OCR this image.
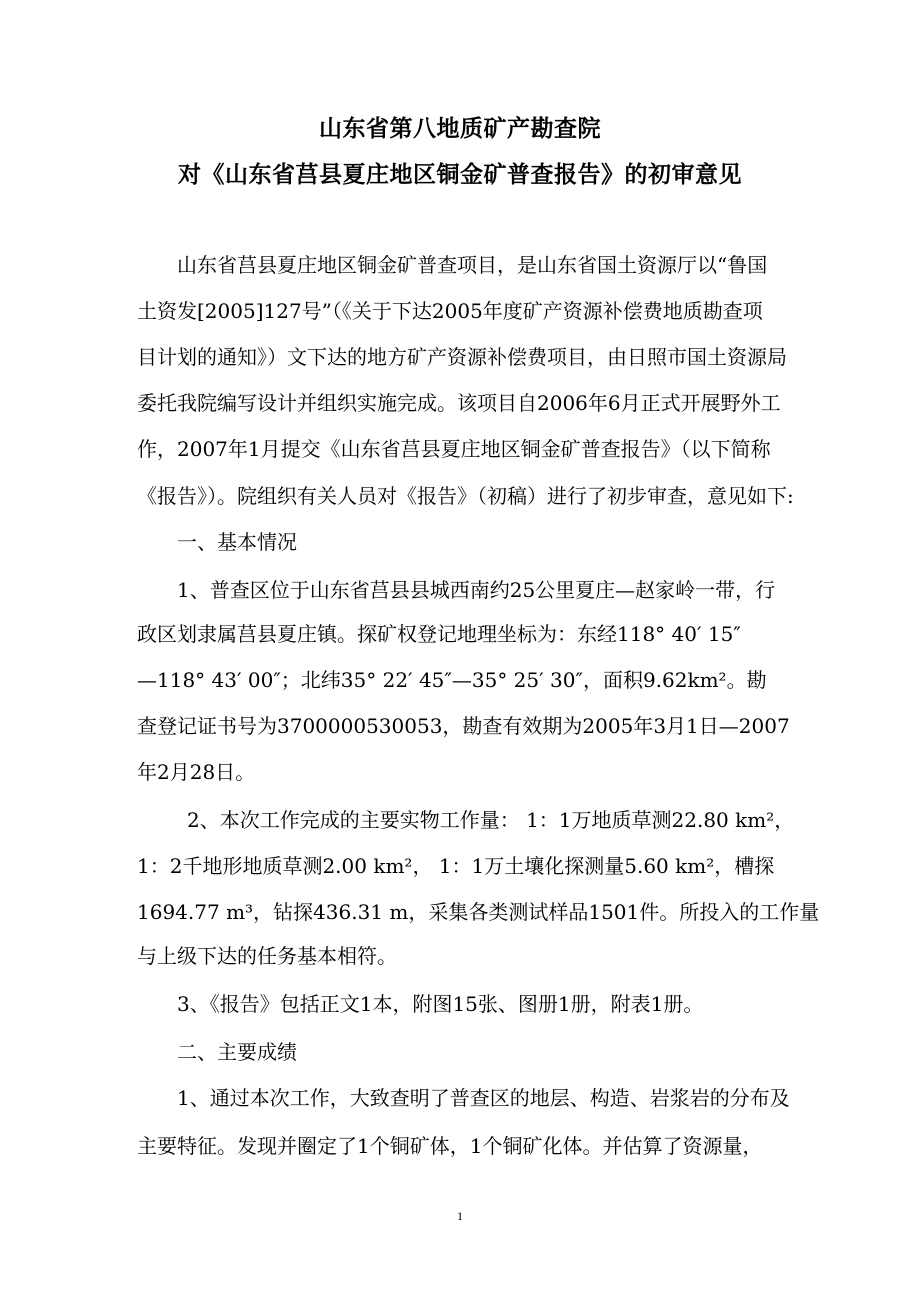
山东省第八地质矿产勘查院
对《山东省莒县夏庄地区铜金矿普查报告》的初审意见
山东省莒县夏庄地区铜金矿普查项目，是山东省国土资源厅以“鲁国
土资发[2005]127号”（《关于下达2005年度矿产资源补偿费地质勘查项
目计划的通知》）文下达的地方矿产资源补偿费项目，由日照市国土资源局
委托我院编写设计并组织实施完成。该项目自2006年6月正式开展野外工
作，2007年1月提交《山东省莒县夏庄地区铜金矿普查报告》（以下简称
《报告》）。院组织有关人员对《报告》（初稿）进行了初步审查，意见如下:
一、基本情况
1、普查区位于山东省莒县县城西南约25公里夏庄—赵家岭一带，行
政区划隶属莒县夏庄镇。探矿权登记地理坐标为：东经118° 40′ 15″
—118° 43′ 00″；北纬35° 22′ 45″—35° 25′ 30″，面积9.62km²。勘
查登记证书号为3700000530053，勘查有效期为2005年3月1日—2007
年2月28日。
2、本次工作完成的主要实物工作量： 1：1万地质草测22.80 km²，
1：2千地形地质草测2.00 km²， 1：1万土壤化探测量5.60 km²，槽探
1694.77 m³，钻探436.31 m，采集各类测试样品1501件。所投入的工作量
与上级下达的任务基本相符。
3、《报告》包括正文1本，附图15张、图册1册，附表1册。
二、主要成绩
1、通过本次工作，大致查明了普查区的地层、构造、岩浆岩的分布及
主要特征。发现并圈定了1个铜矿体，1个铜矿化体。并估算了资源量，
1
